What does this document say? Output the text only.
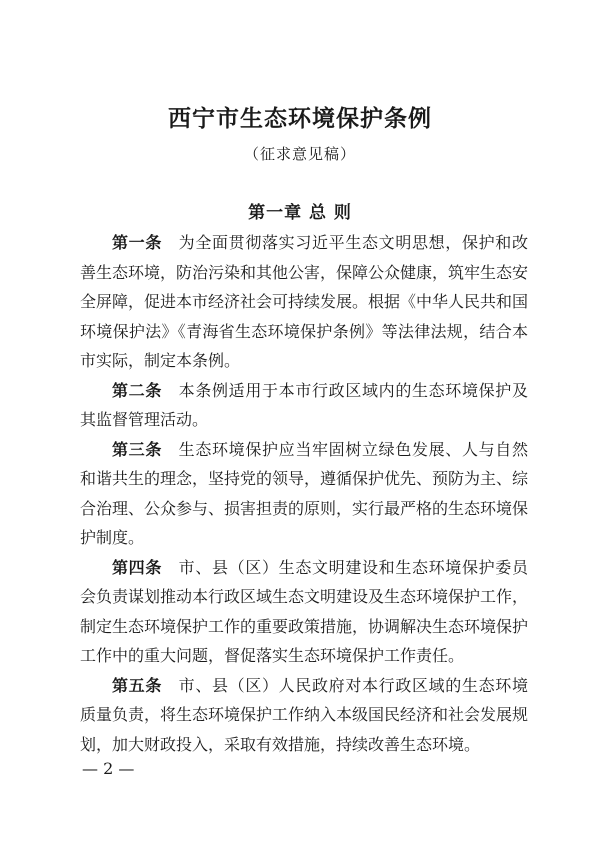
西宁市生态环境保护条例
（征求意见稿）
第一章 总 则

第一条　 为全面贯彻落实习近平生态文明思想，保护和改善生态环境，防治污染和其他公害，保障公众健康，筑牢生态安全屏障，促进本市经济社会可持续发展。根据《中华人民共和国环境保护法》《青海省生态环境保护条例》等法律法规，结合本市实际，制定本条例。

第二条　 本条例适用于本市行政区域内的生态环境保护及其监督管理活动。

第三条　 生态环境保护应当牢固树立绿色发展、人与自然和谐共生的理念，坚持党的领导，遵循保护优先、预防为主、综合治理、公众参与、损害担责的原则，实行最严格的生态环境保护制度。

第四条　 市、县（区）生态文明建设和生态环境保护委员会负责谋划推动本行政区域生态文明建设及生态环境保护工作，制定生态环境保护工作的重要政策措施，协调解决生态环境保护工作中的重大问题，督促落实生态环境保护工作责任。

第五条　 市、县（区）人民政府对本行政区域的生态环境质量负责，将生态环境保护工作纳入本级国民经济和社会发展规划，加大财政投入，采取有效措施，持续改善生态环境。

— 2 —
